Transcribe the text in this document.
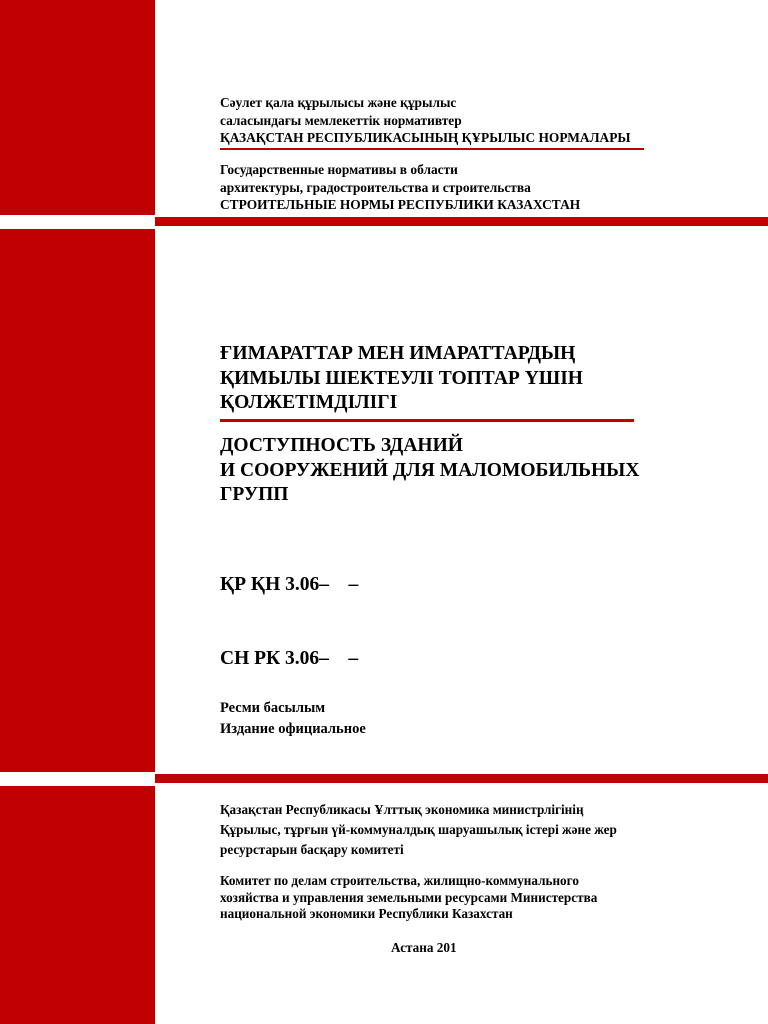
Сәулет қала құрылысы және құрылыс
саласындағы мемлекеттік нормативтер
ҚАЗАҚСТАН РЕСПУБЛИКАСЫНЫҢ ҚҰРЫЛЫС НОРМАЛАРЫ
Государственные нормативы в области
архитектуры, градостроительства и строительства
СТРОИТЕЛЬНЫЕ НОРМЫ РЕСПУБЛИКИ КАЗАХСТАН
ҒИМАРАТТАР МЕН ИМАРАТТАРДЫҢ
ҚИМЫЛЫ ШЕКТЕУЛІ ТОПТАР ҮШІН
ҚОЛЖЕТІМДІЛІГІ
ДОСТУПНОСТЬ ЗДАНИЙ
И СООРУЖЕНИЙ ДЛЯ МАЛОМОБИЛЬНЫХ
ГРУПП

ҚР ҚН 3.06–    –

СН РК 3.06–    –

Ресми басылым
Издание официальное
Қазақстан Республикасы Ұлттық экономика министрлігінің
Құрылыс, тұрғын үй-коммуналдық шаруашылық істері және жер
ресурстарын басқару комитеті
Комитет по делам строительства, жилищно-коммунального
хозяйства и управления земельными ресурсами Министерства
национальной экономики Республики Казахстан
Астана 201
